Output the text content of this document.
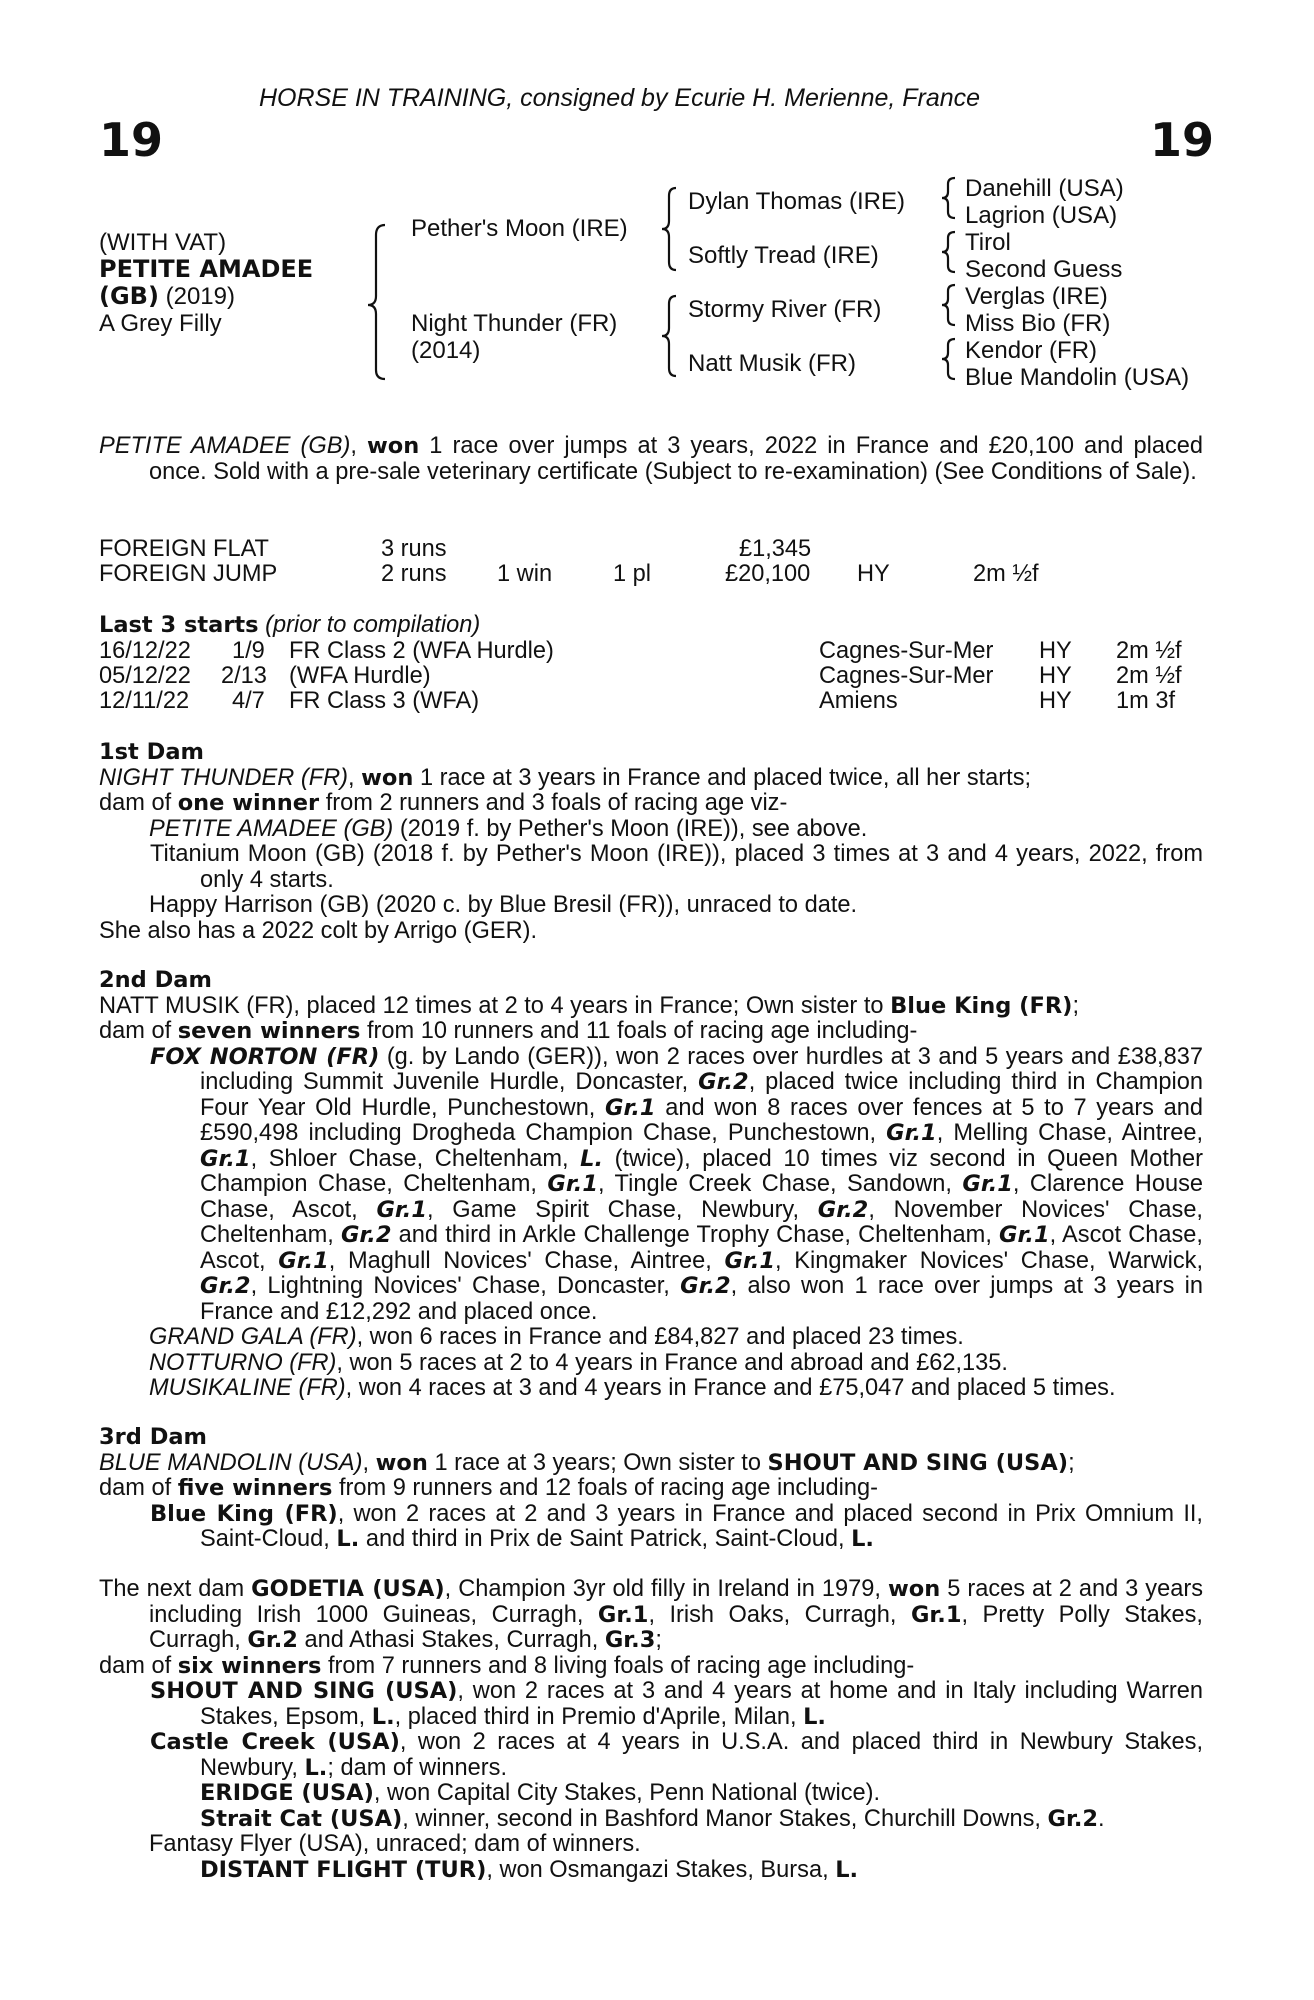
HORSE IN TRAINING, consigned by Ecurie H. Merienne, France
19	19
(WITH VAT)
PETITE AMADEE
(GB) (2019)
A Grey Filly
Pether's Moon (IRE)
Night Thunder (FR)
(2014)
Dylan Thomas (IRE)
Softly Tread (IRE)
Stormy River (FR)
Natt Musik (FR)
Danehill (USA)
Lagrion (USA)
Tirol
Second Guess
Verglas (IRE)
Miss Bio (FR)
Kendor (FR)
Blue Mandolin (USA)

PETITE AMADEE (GB), won 1 race over jumps at 3 years, 2022 in France and £20,100 and placed once. Sold with a pre-sale veterinary certificate (Subject to re-examination) (See Conditions of Sale).

FOREIGN FLAT	3 runs	£1,345
FOREIGN JUMP	2 runs 1 win	1 pl	£20,100 HY	2m ½f
Last 3 starts (prior to compilation)
16/12/22 1/9 FR Class 2 (WFA Hurdle)	Cagnes-Sur-Mer HY 2m ½f
05/12/22 2/13 (WFA Hurdle)	Cagnes-Sur-Mer HY 2m ½f
12/11/22 4/7 FR Class 3 (WFA)	Amiens	HY 1m 3f

1st Dam

NIGHT THUNDER (FR), won 1 race at 3 years in France and placed twice, all her starts;

dam of one winner from 2 runners and 3 foals of racing age viz-

PETITE AMADEE (GB) (2019 f. by Pether's Moon (IRE)), see above.

Titanium Moon (GB) (2018 f. by Pether's Moon (IRE)), placed 3 times at 3 and 4 years, 2022, from only 4 starts.

Happy Harrison (GB) (2020 c. by Blue Bresil (FR)), unraced to date.

She also has a 2022 colt by Arrigo (GER).

2nd Dam

NATT MUSIK (FR), placed 12 times at 2 to 4 years in France; Own sister to Blue King (FR);

dam of seven winners from 10 runners and 11 foals of racing age including-

FOX NORTON (FR) (g. by Lando (GER)), won 2 races over hurdles at 3 and 5 years and £38,837 including Summit Juvenile Hurdle, Doncaster, Gr.2, placed twice including third in Champion Four Year Old Hurdle, Punchestown, Gr.1 and won 8 races over fences at 5 to 7 years and £590,498 including Drogheda Champion Chase, Punchestown, Gr.1, Melling Chase, Aintree, Gr.1, Shloer Chase, Cheltenham, L. (twice), placed 10 times viz second in Queen Mother Champion Chase, Cheltenham, Gr.1, Tingle Creek Chase, Sandown, Gr.1, Clarence House Chase, Ascot, Gr.1, Game Spirit Chase, Newbury, Gr.2, November Novices' Chase, Cheltenham, Gr.2 and third in Arkle Challenge Trophy Chase, Cheltenham, Gr.1, Ascot Chase, Ascot, Gr.1, Maghull Novices' Chase, Aintree, Gr.1, Kingmaker Novices' Chase, Warwick, Gr.2, Lightning Novices' Chase, Doncaster, Gr.2, also won 1 race over jumps at 3 years in France and £12,292 and placed once.

GRAND GALA (FR), won 6 races in France and £84,827 and placed 23 times.

NOTTURNO (FR), won 5 races at 2 to 4 years in France and abroad and £62,135.

MUSIKALINE (FR), won 4 races at 3 and 4 years in France and £75,047 and placed 5 times.

3rd Dam

BLUE MANDOLIN (USA), won 1 race at 3 years; Own sister to SHOUT AND SING (USA);

dam of five winners from 9 runners and 12 foals of racing age including-

Blue King (FR), won 2 races at 2 and 3 years in France and placed second in Prix Omnium II, Saint-Cloud, L. and third in Prix de Saint Patrick, Saint-Cloud, L.

The next dam GODETIA (USA), Champion 3yr old filly in Ireland in 1979, won 5 races at 2 and 3 years including Irish 1000 Guineas, Curragh, Gr.1, Irish Oaks, Curragh, Gr.1, Pretty Polly Stakes, Curragh, Gr.2 and Athasi Stakes, Curragh, Gr.3;

dam of six winners from 7 runners and 8 living foals of racing age including-

SHOUT AND SING (USA), won 2 races at 3 and 4 years at home and in Italy including Warren Stakes, Epsom, L., placed third in Premio d'Aprile, Milan, L.

Castle Creek (USA), won 2 races at 4 years in U.S.A. and placed third in Newbury Stakes, Newbury, L.; dam of winners.

ERIDGE (USA), won Capital City Stakes, Penn National (twice).

Strait Cat (USA), winner, second in Bashford Manor Stakes, Churchill Downs, Gr.2.

Fantasy Flyer (USA), unraced; dam of winners.

DISTANT FLIGHT (TUR), won Osmangazi Stakes, Bursa, L.
